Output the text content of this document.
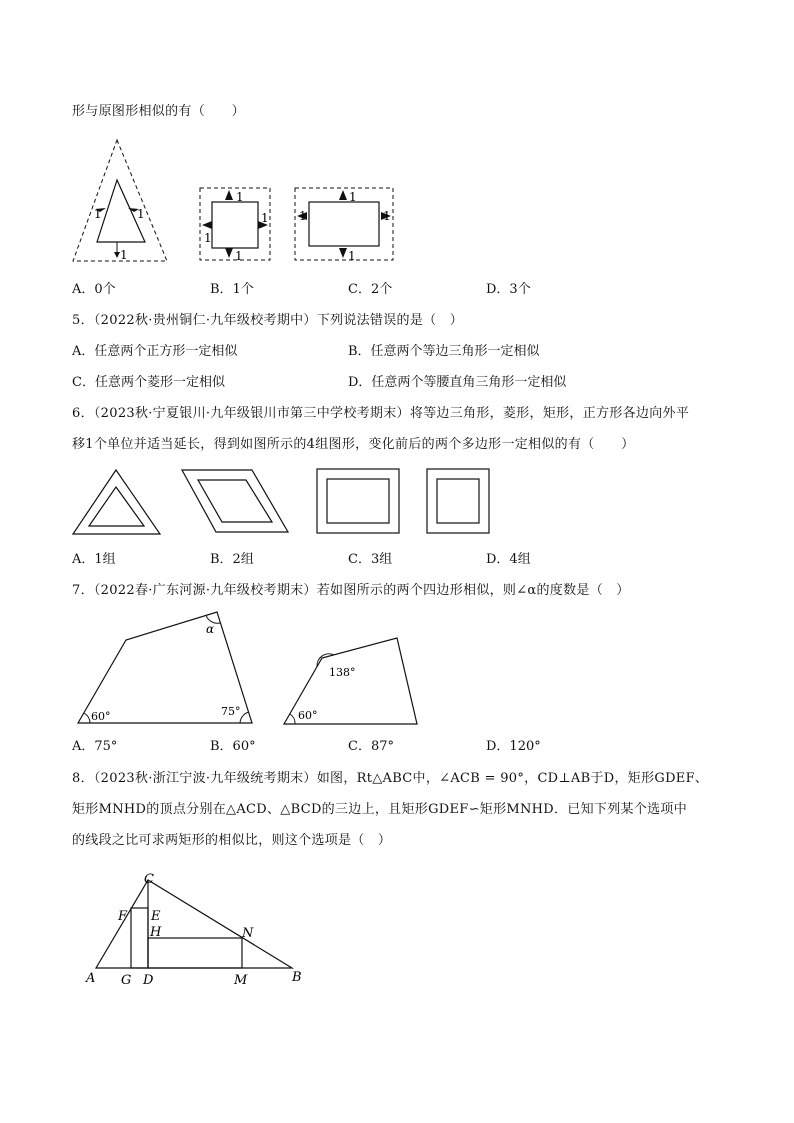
形与原图形相似的有（　　）
1	1
1
1
1
1
1
1
1	1
1
A．0个	B．1个	C．2个	D．3个
5．（2022秋·贵州铜仁·九年级校考期中）下列说法错误的是（　）
A．任意两个正方形一定相似	B．任意两个等边三角形一定相似
C．任意两个菱形一定相似	D．任意两个等腰直角三角形一定相似
6．（2023秋·宁夏银川·九年级银川市第三中学校考期末）将等边三角形，菱形，矩形，正方形各边向外平
移1个单位并适当延长，得到如图所示的4组图形，变化前后的两个多边形一定相似的有（　　）
A．1组	B．2组	C．3组	D．4组
7．（2022春·广东河源·九年级校考期末）若如图所示的两个四边形相似，则∠α的度数是（　）
α
60°	75°
138°
60°
A．75°	B．60°	C．87°	D．120°
8．（2023秋·浙江宁波·九年级统考期末）如图，Rt△ABC中，∠ACB = 90°，CD⊥AB于D，矩形GDEF、
矩形MNHD的顶点分别在△ACD、△BCD的三边上，且矩形GDEF∽矩形MNHD．已知下列某个选项中
的线段之比可求两矩形的相似比，则这个选项是（　）
C
F E
H	N
A G D	M	B
